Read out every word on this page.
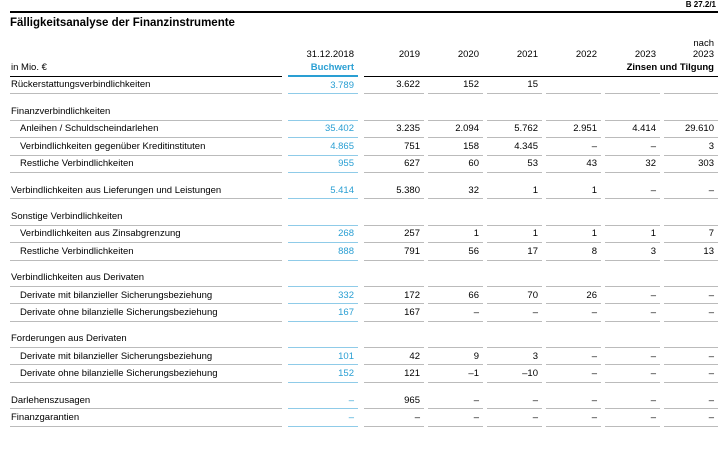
B 27.2/1
Fälligkeitsanalyse der Finanzinstrumente
		31.12.2018		2019		2020		2021		2022		2023		nach
2023
in Mio. €		Buchwert												Zinsen und Tilgung
Rückerstattungsverbindlichkeiten		3.789		3.622		152		15						

Finanzverbindlichkeiten														
Anleihen / Schuldscheindarlehen		35.402		3.235		2.094		5.762		2.951		4.414		29.610
Verbindlichkeiten gegenüber Kreditinstituten		4.865		751		158		4.345		–		–		3
Restliche Verbindlichkeiten		955		627		60		53		43		32		303

Verbindlichkeiten aus Lieferungen und Leistungen		5.414		5.380		32		1		1		–		–

Sonstige Verbindlichkeiten														
Verbindlichkeiten aus Zinsabgrenzung		268		257		1		1		1		1		7
Restliche Verbindlichkeiten		888		791		56		17		8		3		13

Verbindlichkeiten aus Derivaten														
Derivate mit bilanzieller Sicherungsbeziehung		332		172		66		70		26		–		–
Derivate ohne bilanzielle Sicherungsbeziehung		167		167		–		–		–		–		–

Forderungen aus Derivaten														
Derivate mit bilanzieller Sicherungsbeziehung		101		42		9		3		–		–		–
Derivate ohne bilanzielle Sicherungsbeziehung		152		121		–1		–10		–		–		–

Darlehenszusagen		–		965		–		–		–		–		–
Finanzgarantien		–		–		–		–		–		–		–
